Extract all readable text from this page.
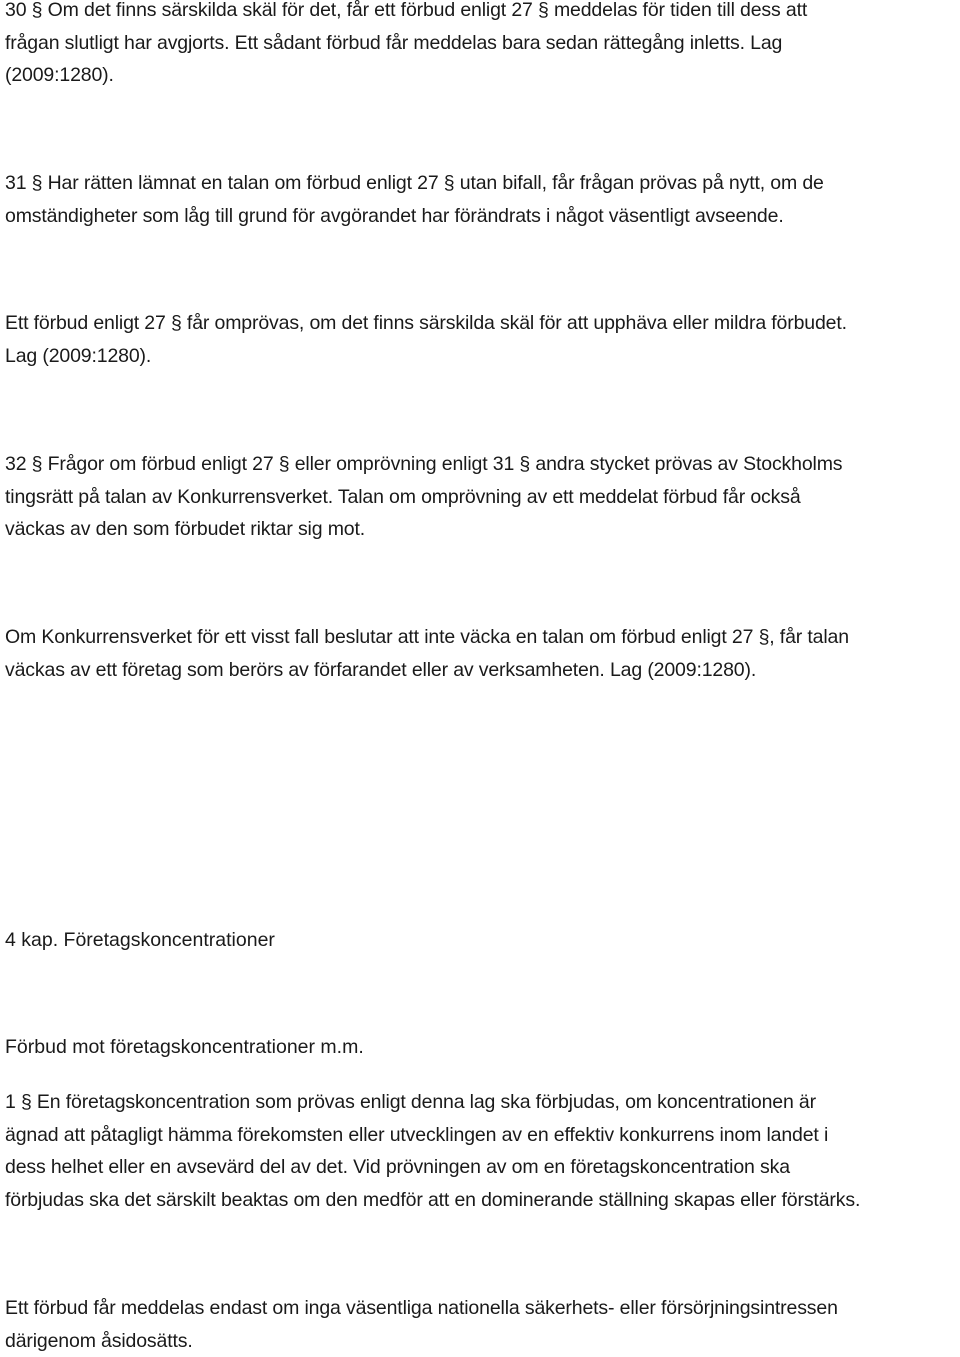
30 § Om det finns särskilda skäl för det, får ett förbud enligt 27 § meddelas för tiden till dess att
frågan slutligt har avgjorts. Ett sådant förbud får meddelas bara sedan rättegång inletts. Lag
(2009:1280).

31 § Har rätten lämnat en talan om förbud enligt 27 § utan bifall, får frågan prövas på nytt, om de
omständigheter som låg till grund för avgörandet har förändrats i något väsentligt avseende.

Ett förbud enligt 27 § får omprövas, om det finns särskilda skäl för att upphäva eller mildra förbudet.
Lag (2009:1280).

32 § Frågor om förbud enligt 27 § eller omprövning enligt 31 § andra stycket prövas av Stockholms
tingsrätt på talan av Konkurrensverket. Talan om omprövning av ett meddelat förbud får också
väckas av den som förbudet riktar sig mot.

Om Konkurrensverket för ett visst fall beslutar att inte väcka en talan om förbud enligt 27 §, får talan
väckas av ett företag som berörs av förfarandet eller av verksamheten. Lag (2009:1280).

4 kap. Företagskoncentrationer
Förbud mot företagskoncentrationer m.m.

1 § En företagskoncentration som prövas enligt denna lag ska förbjudas, om koncentrationen är
ägnad att påtagligt hämma förekomsten eller utvecklingen av en effektiv konkurrens inom landet i
dess helhet eller en avsevärd del av det. Vid prövningen av om en företagskoncentration ska
förbjudas ska det särskilt beaktas om den medför att en dominerande ställning skapas eller förstärks.

Ett förbud får meddelas endast om inga väsentliga nationella säkerhets- eller försörjningsintressen
därigenom åsidosätts.
